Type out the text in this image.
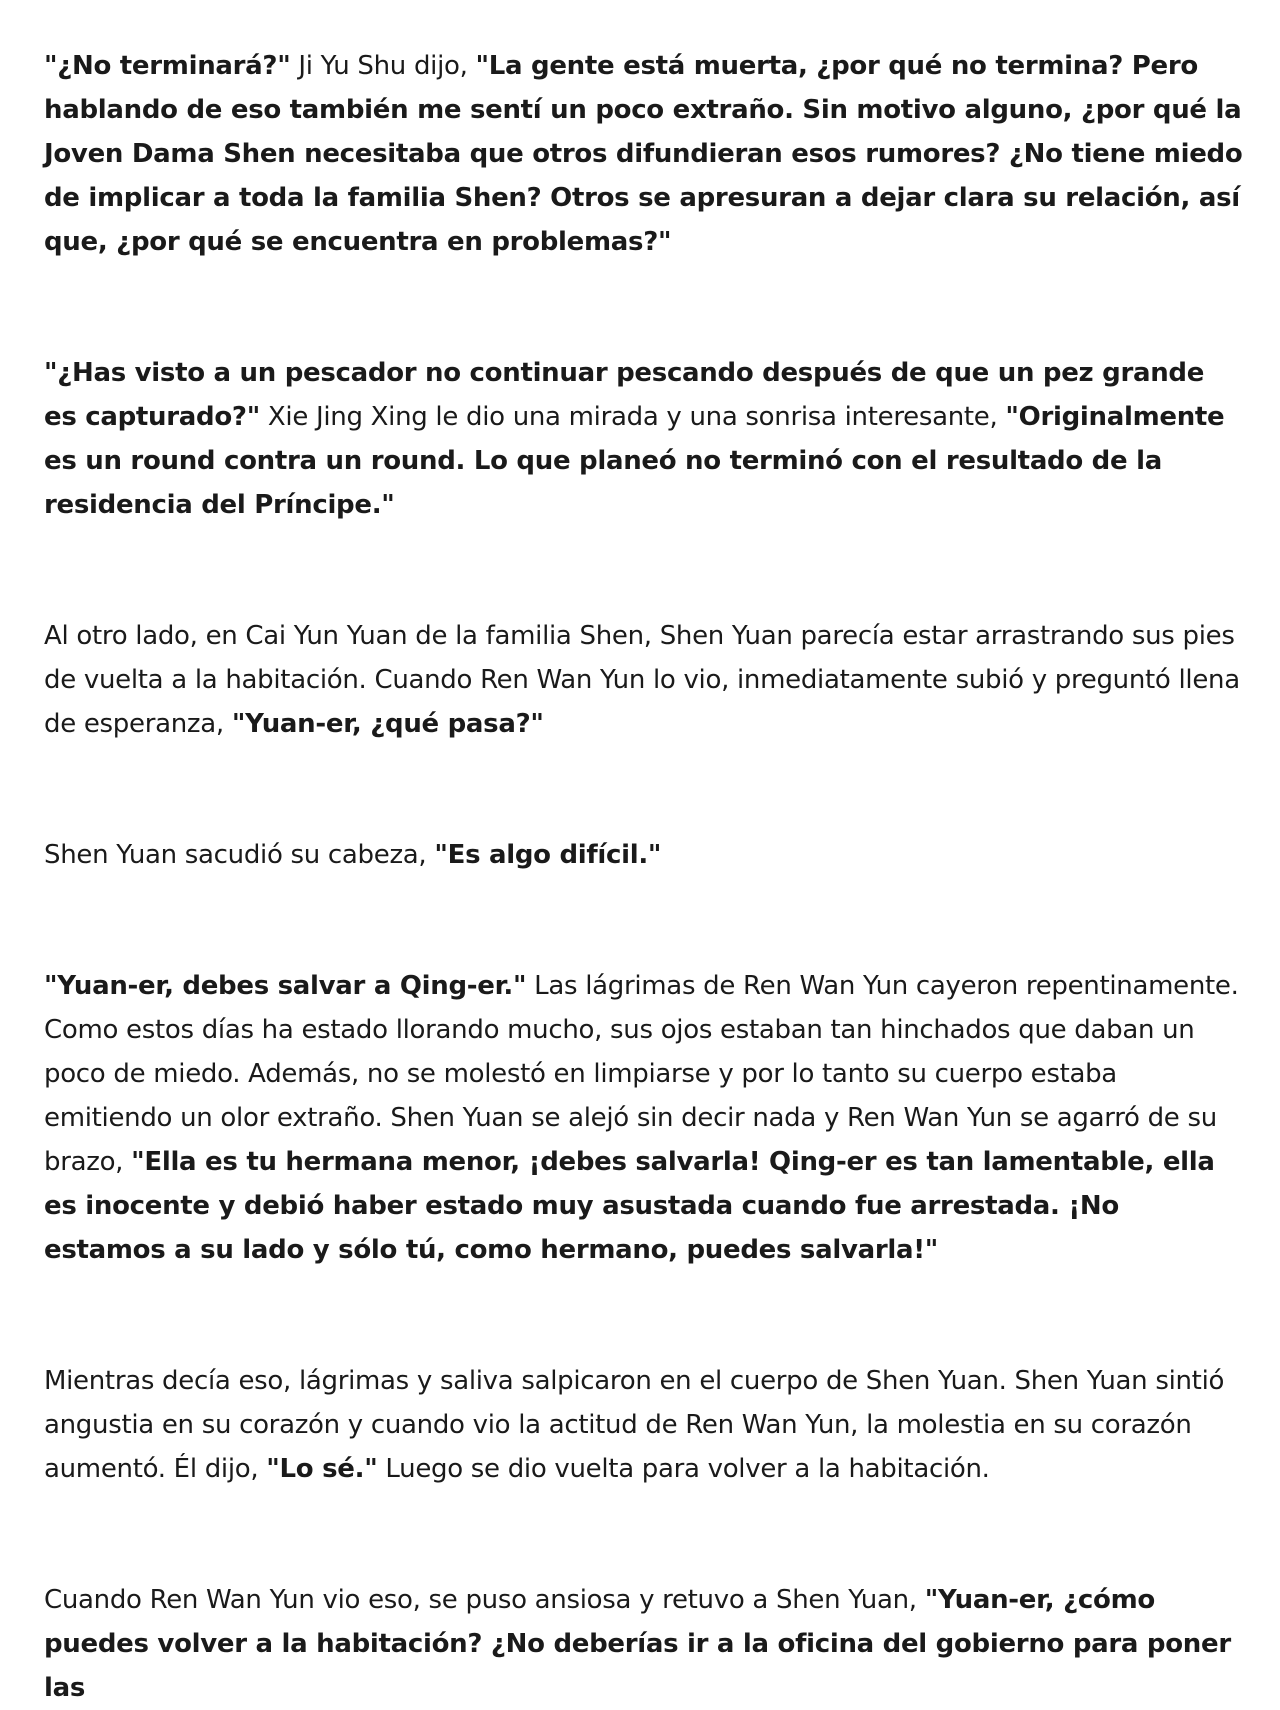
"¿No terminará?" Ji Yu Shu dijo, "La gente está muerta, ¿por qué no termina? Pero hablando de eso también me sentí un poco extraño. Sin motivo alguno, ¿por qué la Joven Dama Shen necesitaba que otros difundieran esos rumores? ¿No tiene miedo de implicar a toda la familia Shen? Otros se apresuran a dejar clara su relación, así que, ¿por qué se encuentra en problemas?"

"¿Has visto a un pescador no continuar pescando después de que un pez grande es capturado?" Xie Jing Xing le dio una mirada y una sonrisa interesante, "Originalmente es un round contra un round. Lo que planeó no terminó con el resultado de la residencia del Príncipe."

Al otro lado, en Cai Yun Yuan de la familia Shen, Shen Yuan parecía estar arrastrando sus pies de vuelta a la habitación. Cuando Ren Wan Yun lo vio, inmediatamente subió y preguntó llena de esperanza, "Yuan-er, ¿qué pasa?"

Shen Yuan sacudió su cabeza, "Es algo difícil."

"Yuan-er, debes salvar a Qing-er." Las lágrimas de Ren Wan Yun cayeron repentinamente. Como estos días ha estado llorando mucho, sus ojos estaban tan hinchados que daban un poco de miedo. Además, no se molestó en limpiarse y por lo tanto su cuerpo estaba emitiendo un olor extraño. Shen Yuan se alejó sin decir nada y Ren Wan Yun se agarró de su brazo, "Ella es tu hermana menor, ¡debes salvarla! Qing-er es tan lamentable, ella es inocente y debió haber estado muy asustada cuando fue arrestada. ¡No estamos a su lado y sólo tú, como hermano, puedes salvarla!"

Mientras decía eso, lágrimas y saliva salpicaron en el cuerpo de Shen Yuan. Shen Yuan sintió angustia en su corazón y cuando vio la actitud de Ren Wan Yun, la molestia en su corazón aumentó. Él dijo, "Lo sé." Luego se dio vuelta para volver a la habitación.

Cuando Ren Wan Yun vio eso, se puso ansiosa y retuvo a Shen Yuan, "Yuan-er, ¿cómo puedes volver a la habitación? ¿No deberías ir a la oficina del gobierno para poner las
